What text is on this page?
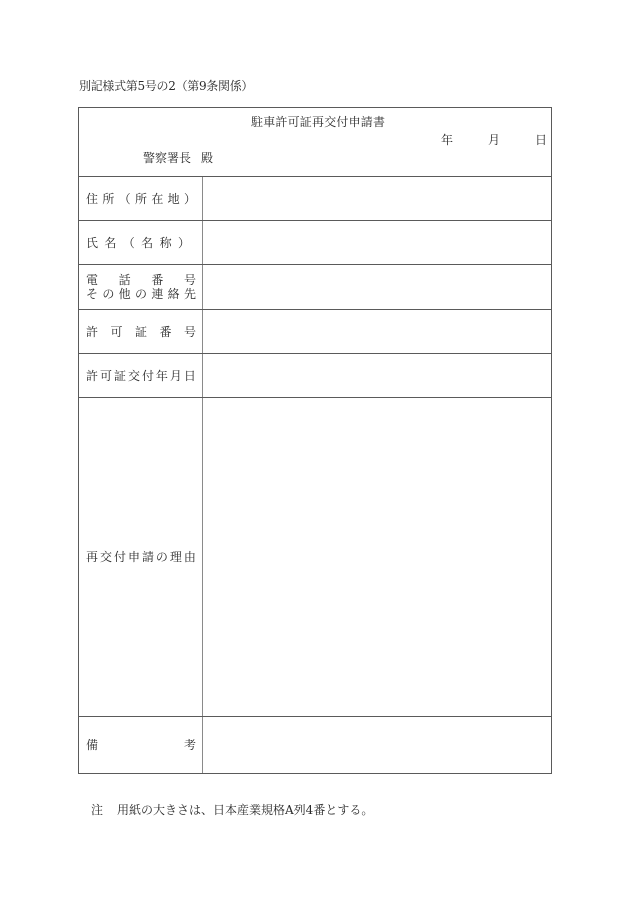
別記様式第5号の2（第9条関係）
駐車許可証再交付申請書
年	月	日
警察署長 殿
住 所 （ 所 在 地 ）
氏 名 （ 名 称 ）
電 話 番 号
そ の 他 の 連 絡 先
許 可 証 番 号
許 可 証 交 付 年 月 日
再 交 付 申 請 の 理 由
備	考
注 用紙の大きさは、日本産業規格A列4番とする。
